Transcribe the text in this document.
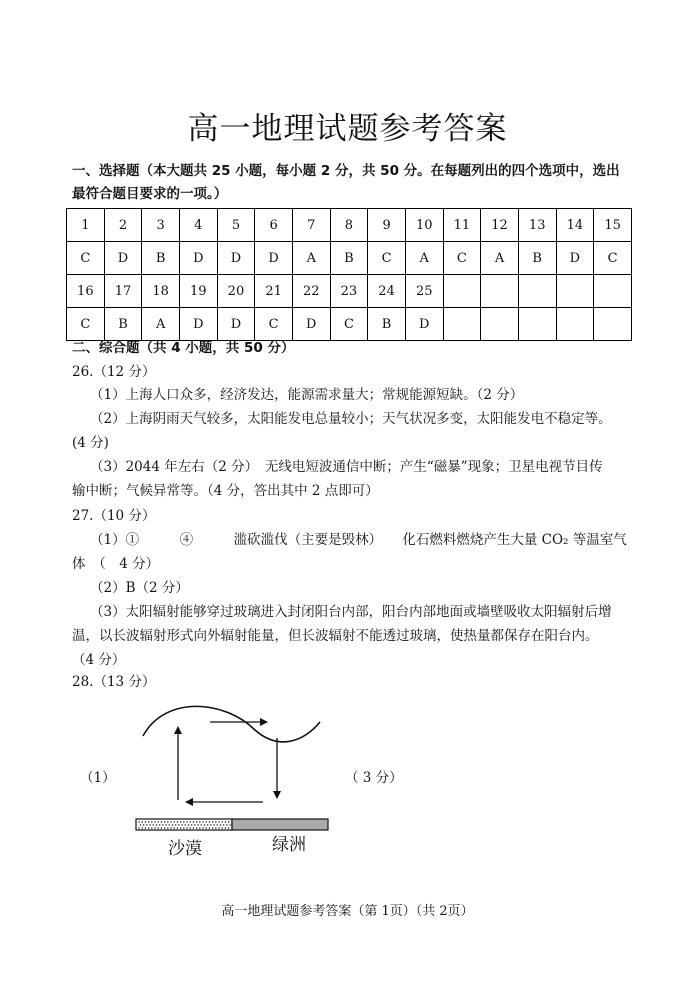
高一地理试题参考答案
一、选择题（本大题共 25 小题，每小题 2 分，共 50 分。在每题列出的四个选项中，选出
最符合题目要求的一项。）
1	2	3	4	5	6	7	8	9	10	11	12	13	14	15
C	D	B	D	D	D	A	B	C	A	C	A	B	D	C
16	17	18	19	20	21	22	23	24	25					
C	B	A	D	D	C	D	C	B	D					
二、综合题（共 4 小题，共 50 分）
26.（12 分）
（1）上海人口众多，经济发达，能源需求量大；常规能源短缺。（2 分）
（2）上海阴雨天气较多，太阳能发电总量较小；天气状况多变，太阳能发电不稳定等。
(4 分)
（3）2044 年左右（2 分）　无线电短波通信中断；产生“磁暴”现象；卫星电视节目传
输中断；气候异常等。（4 分，答出其中 2 点即可）
27.（10 分）
（1）①　　　④　　　滥砍滥伐（主要是毁林）　　化石燃料燃烧产生大量 CO₂ 等温室气
体　（　4 分）
（2）B（2 分）
（3）太阳辐射能够穿过玻璃进入封闭阳台内部，阳台内部地面或墙壁吸收太阳辐射后增
温，以长波辐射形式向外辐射能量，但长波辐射不能透过玻璃，使热量都保存在阳台内。
（4 分）
28.（13 分）
（1）	（ 3 分）
沙漠	绿洲
高一地理试题参考答案（第 1页）（共 2页）
